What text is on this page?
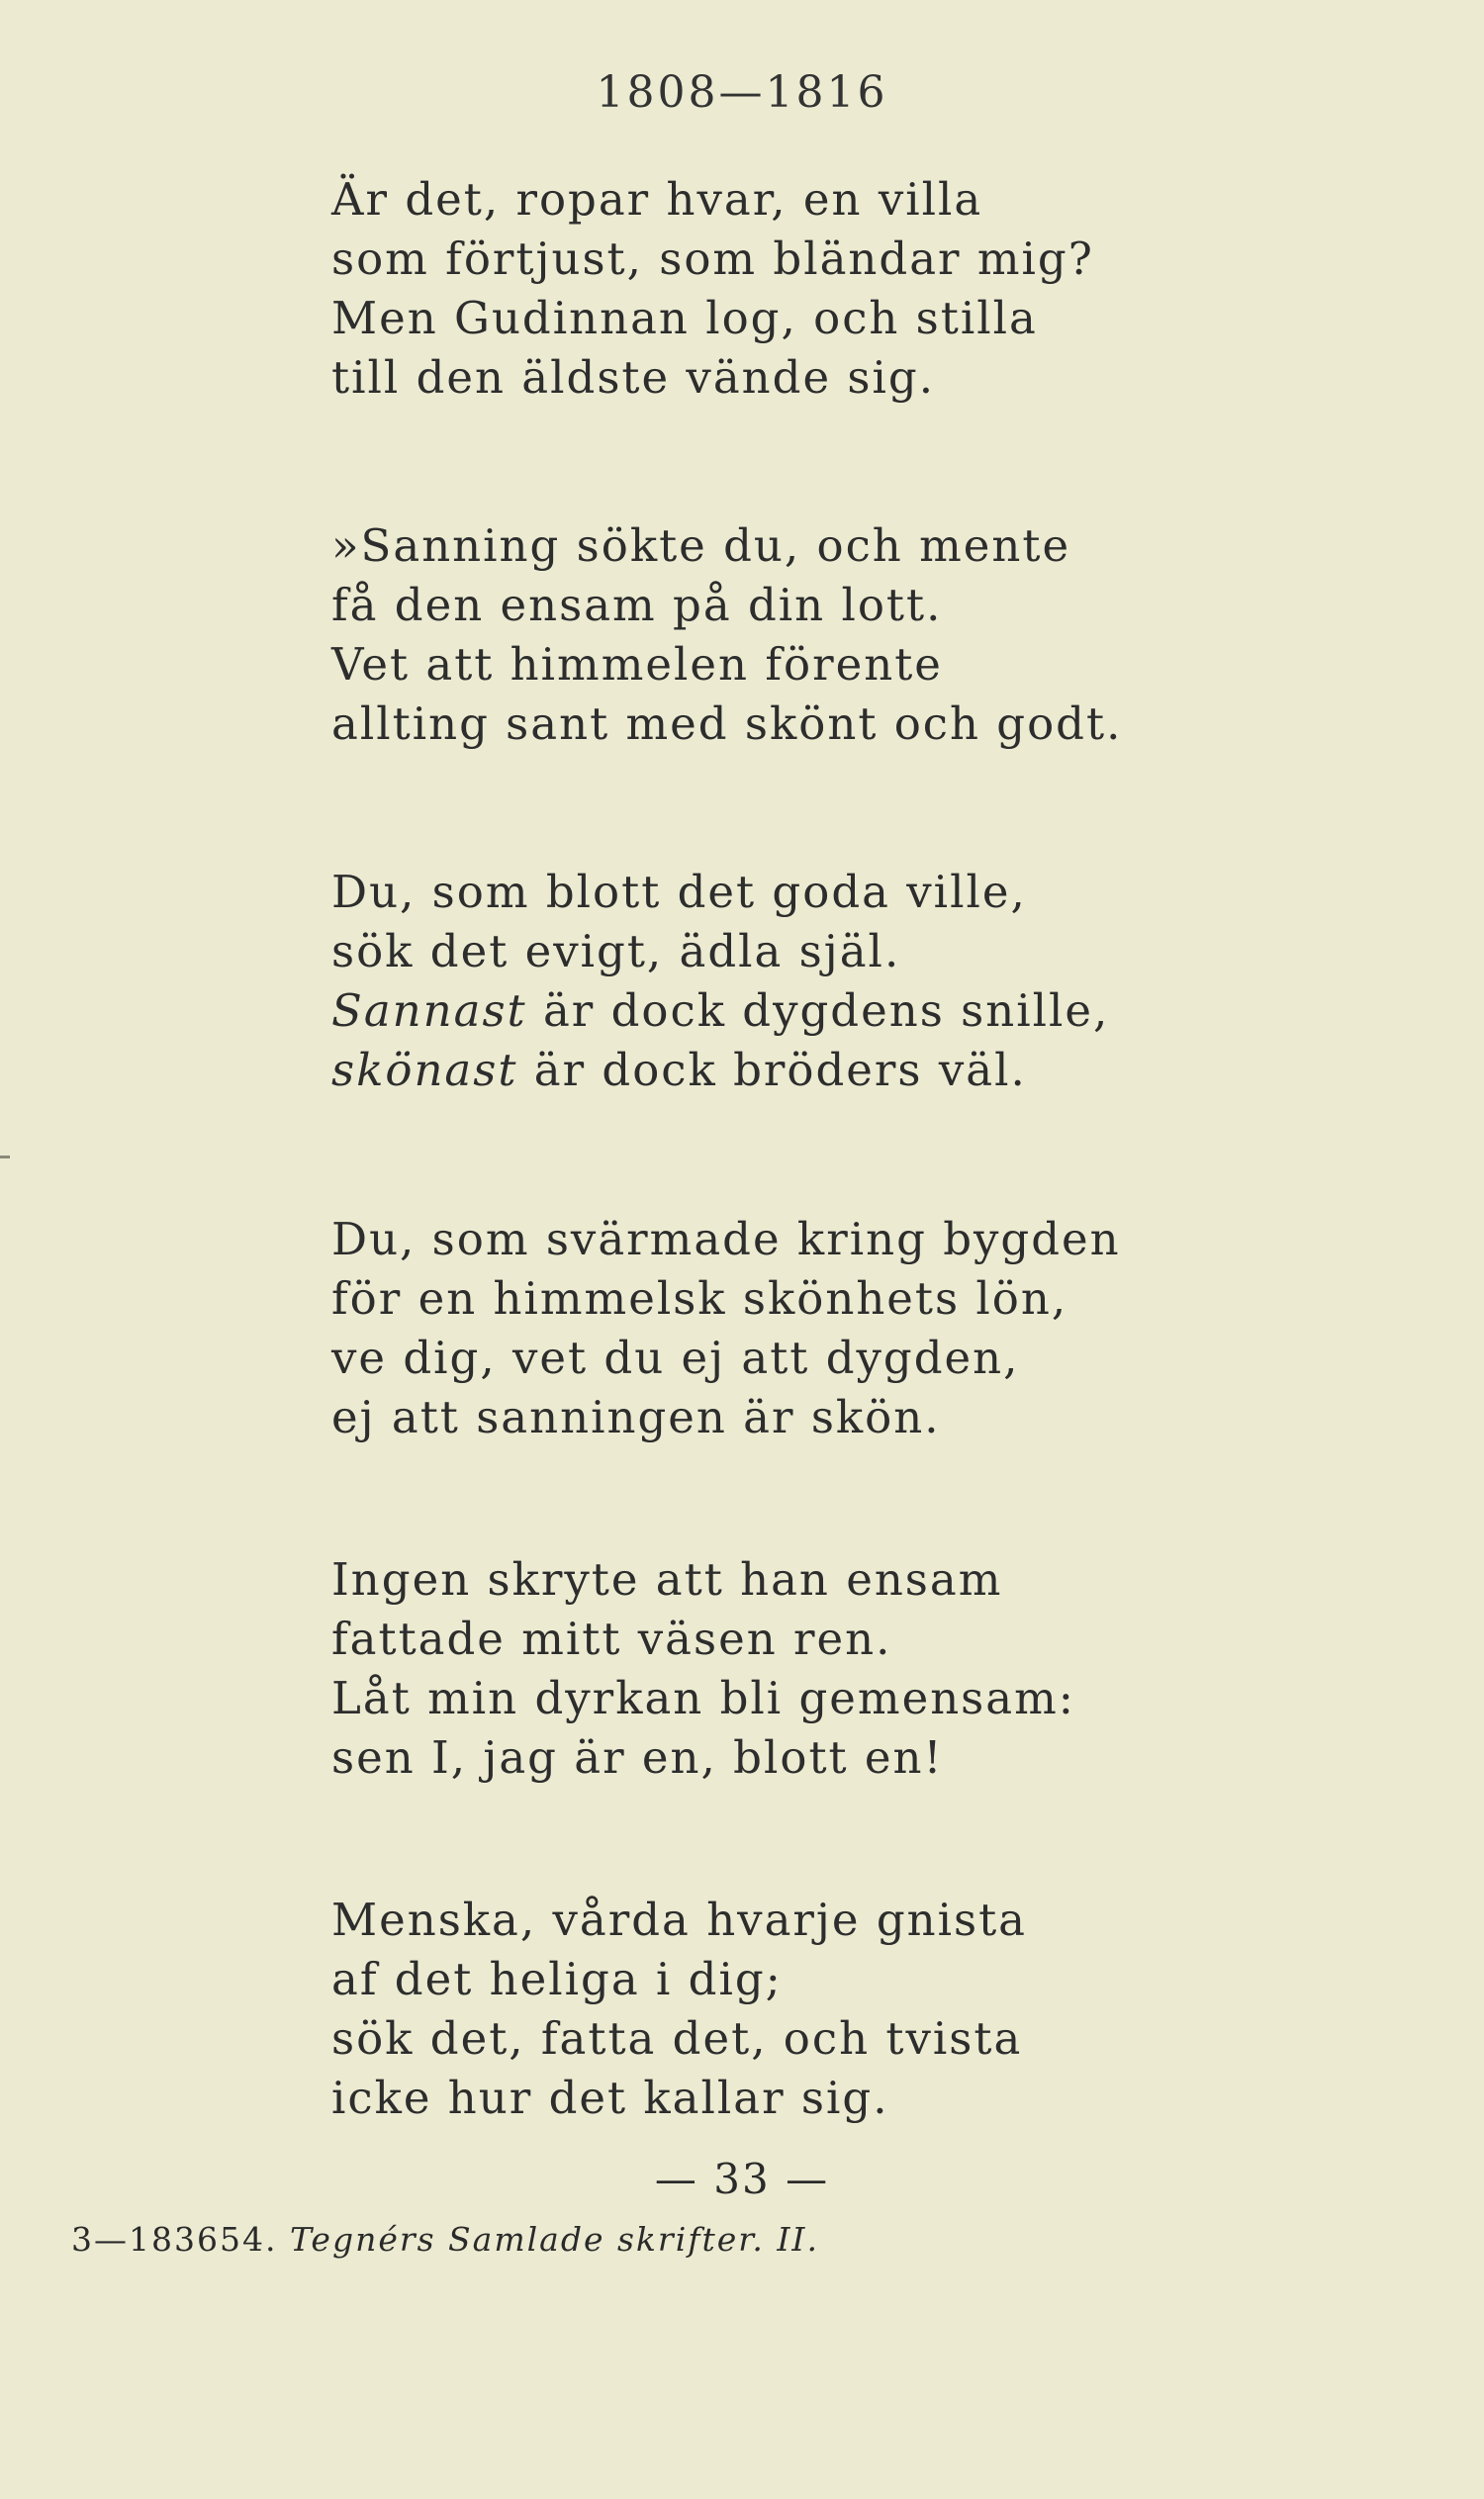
1808—1816
Är det, ropar hvar, en villa
som förtjust, som bländar mig?
Men Gudinnan log, och stilla
till den äldste vände sig.
»Sanning sökte du, och mente
få den ensam på din lott.
Vet att himmelen förente
allting sant med skönt och godt.
Du, som blott det goda ville,
sök det evigt, ädla själ.
Sannast är dock dygdens snille,
skönast är dock bröders väl.
Du, som svärmade kring bygden
för en himmelsk skönhets lön,
ve dig, vet du ej att dygden,
ej att sanningen är skön.
Ingen skryte att han ensam
fattade mitt väsen ren.
Låt min dyrkan bli gemensam:
sen I, jag är en, blott en!
Menska, vårda hvarje gnista
af det heliga i dig;
sök det, fatta det, och tvista
icke hur det kallar sig.
— 33 —
3—183654. Tegnérs Samlade skrifter. II.
